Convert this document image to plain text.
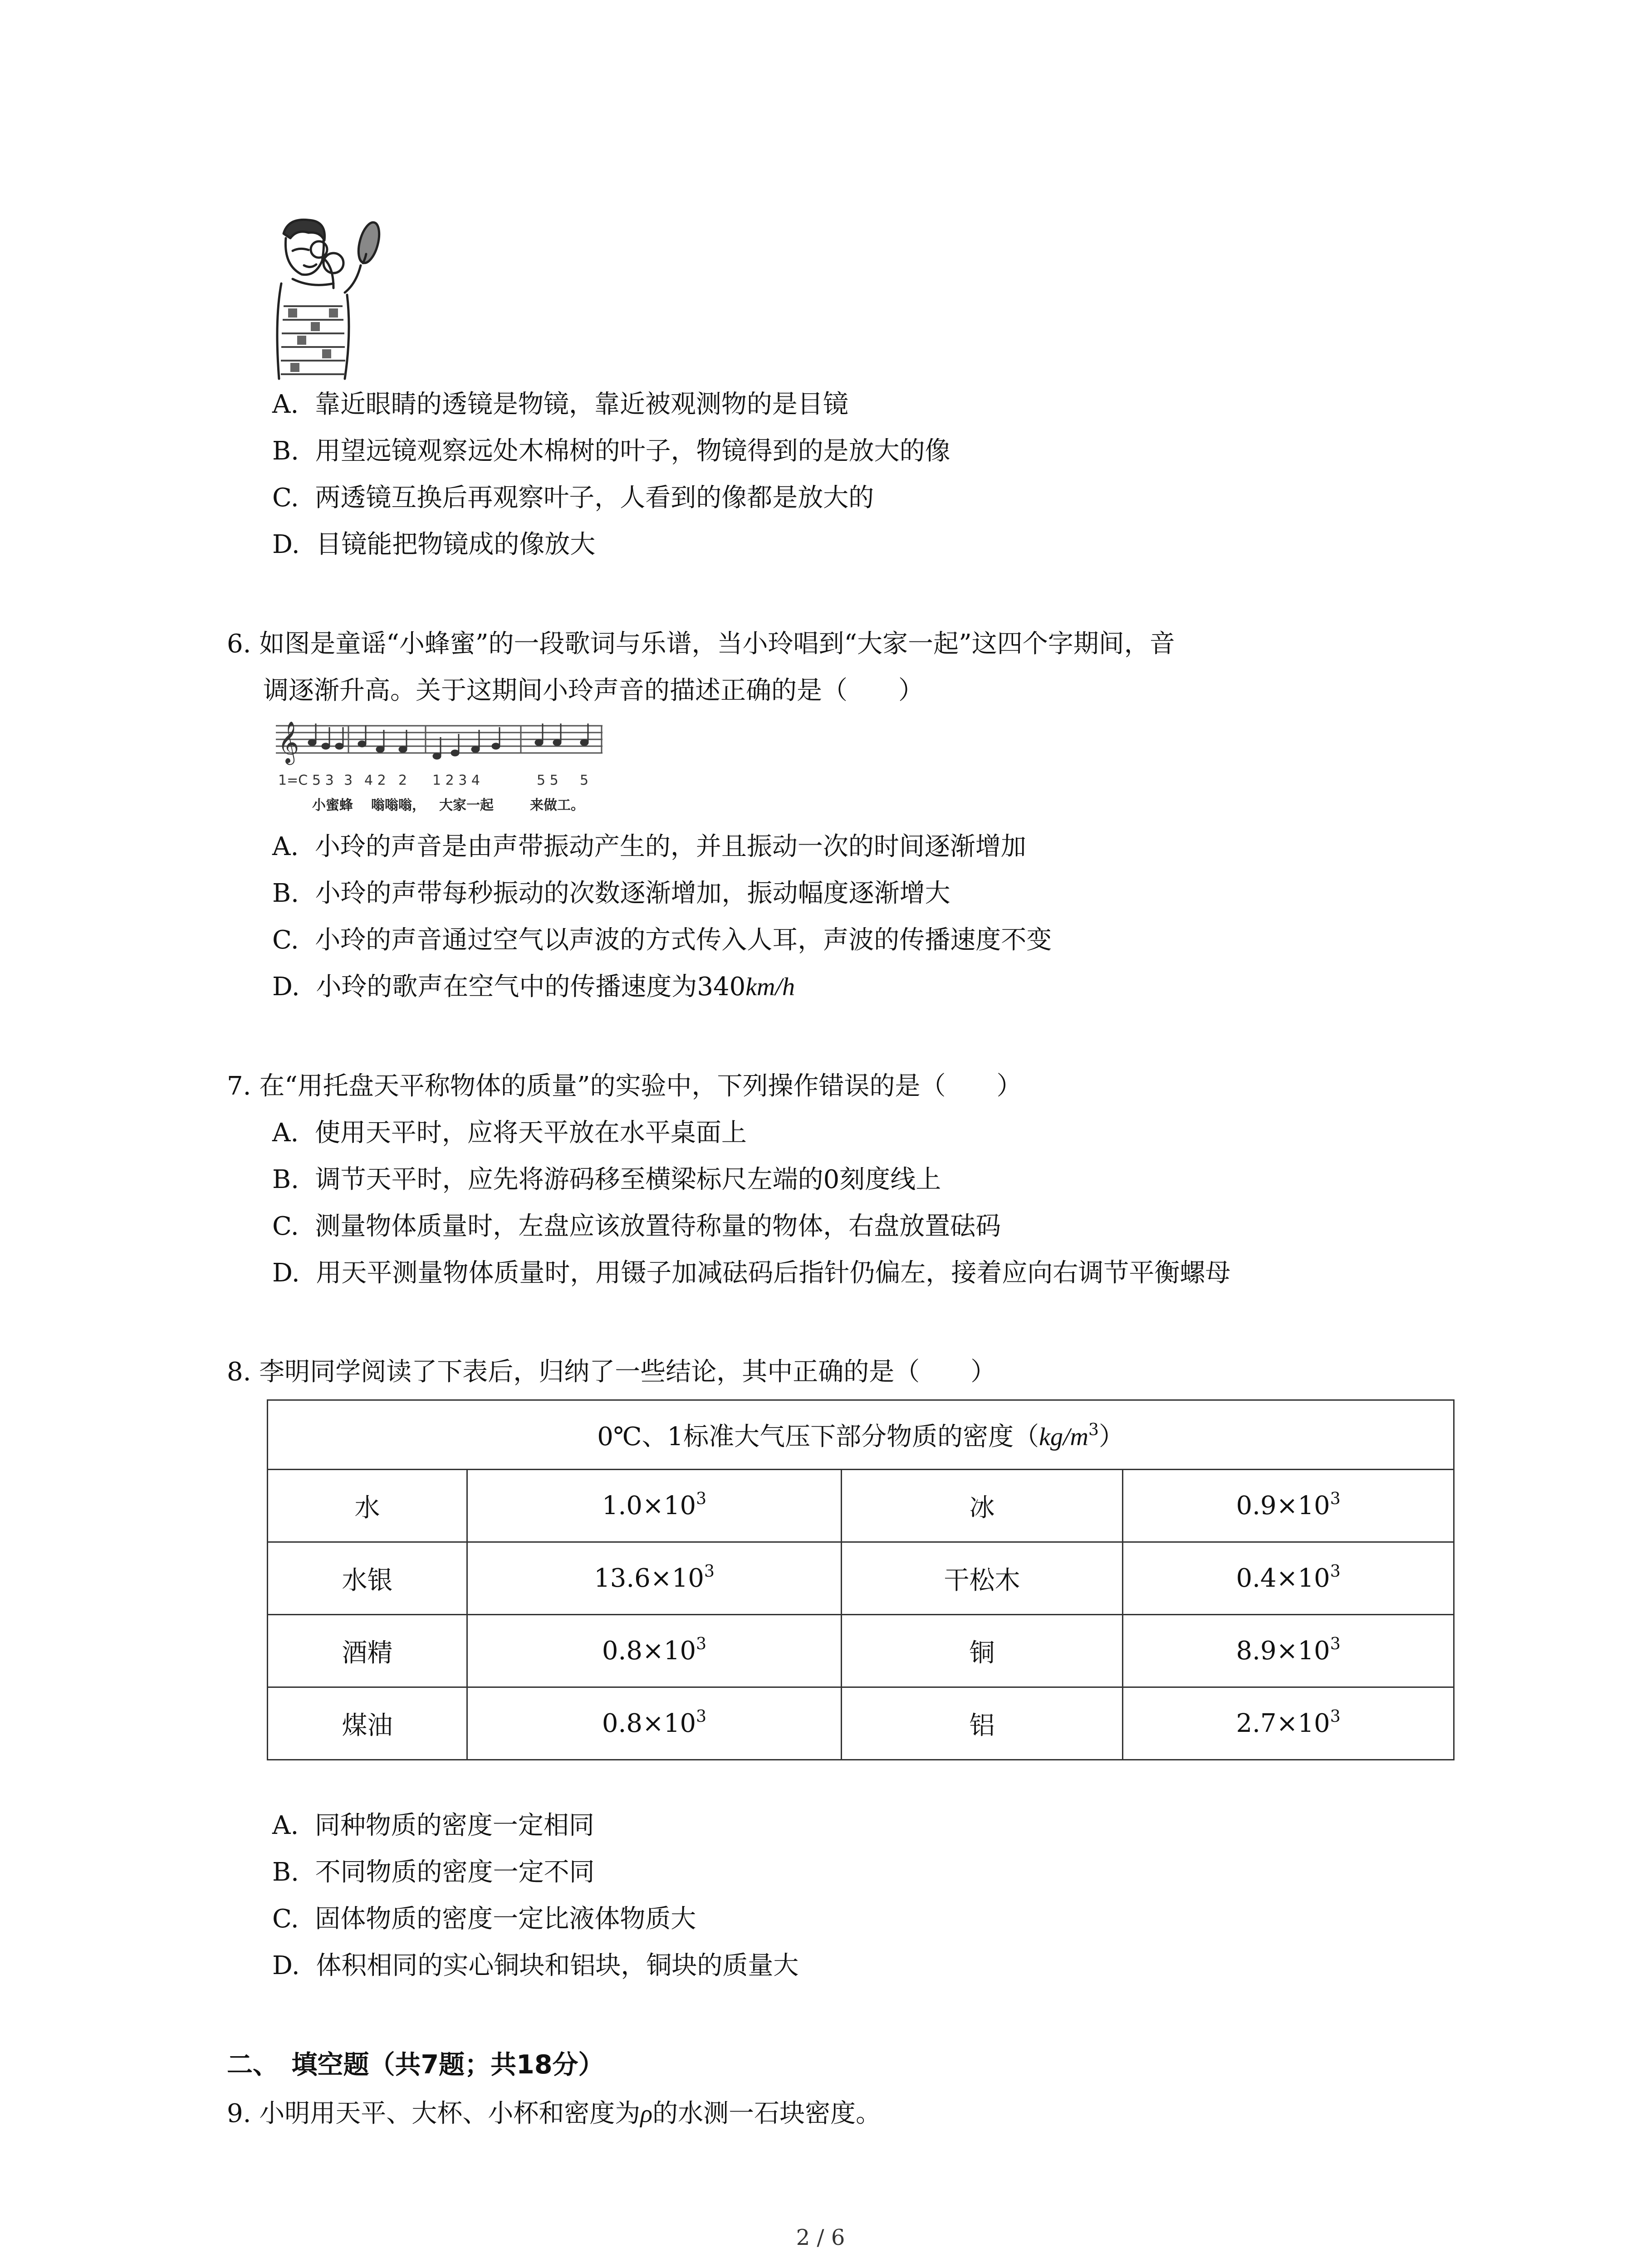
A. 靠近眼睛的透镜是物镜，靠近被观测物的是目镜
B. 用望远镜观察远处木棉树的叶子，物镜得到的是放大的像
C. 两透镜互换后再观察叶子，人看到的像都是放大的
D. 目镜能把物镜成的像放大
6. 如图是童谣“小蜂蜜”的一段歌词与乐谱，当小玲唱到“大家一起”这四个字期间，音
调逐渐升高。关于这期间小玲声音的描述正确的是（　　）
𝄞
1=C 5 3 3 4 2 2 1 2 3 4	5 5 5
小蜜蜂 嗡嗡嗡， 大家一起	来做工。
A. 小玲的声音是由声带振动产生的，并且振动一次的时间逐渐增加
B. 小玲的声带每秒振动的次数逐渐增加，振动幅度逐渐增大
C. 小玲的声音通过空气以声波的方式传入人耳，声波的传播速度不变
D. 小玲的歌声在空气中的传播速度为340km/h
7. 在“用托盘天平称物体的质量”的实验中，下列操作错误的是（　　）
A. 使用天平时，应将天平放在水平桌面上
B. 调节天平时，应先将游码移至横梁标尺左端的0刻度线上
C. 测量物体质量时，左盘应该放置待称量的物体，右盘放置砝码
D. 用天平测量物体质量时，用镊子加减砝码后指针仍偏左，接着应向右调节平衡螺母
8. 李明同学阅读了下表后，归纳了一些结论，其中正确的是（　　）
0℃、1标准大气压下部分物质的密度$(kg/m^3)$			
水	$1.0\times 10^3$	冰	$0.9\times 10^3$
水银	$13.6\times 10^3$	干松木	$0.4\times 10^3$
酒精	$0.8\times 10^3$	铜	$8.9\times 10^3$
煤油	$0.8\times 10^3$	铝	$2.7\times 10^3$
A. 同种物质的密度一定相同
B. 不同物质的密度一定不同
C. 固体物质的密度一定比液体物质大
D. 体积相同的实心铜块和铝块，铜块的质量大
二、　填空题（共7题；共18分）
9. 小明用天平、大杯、小杯和密度为ρ的水测一石块密度。
2 / 6
